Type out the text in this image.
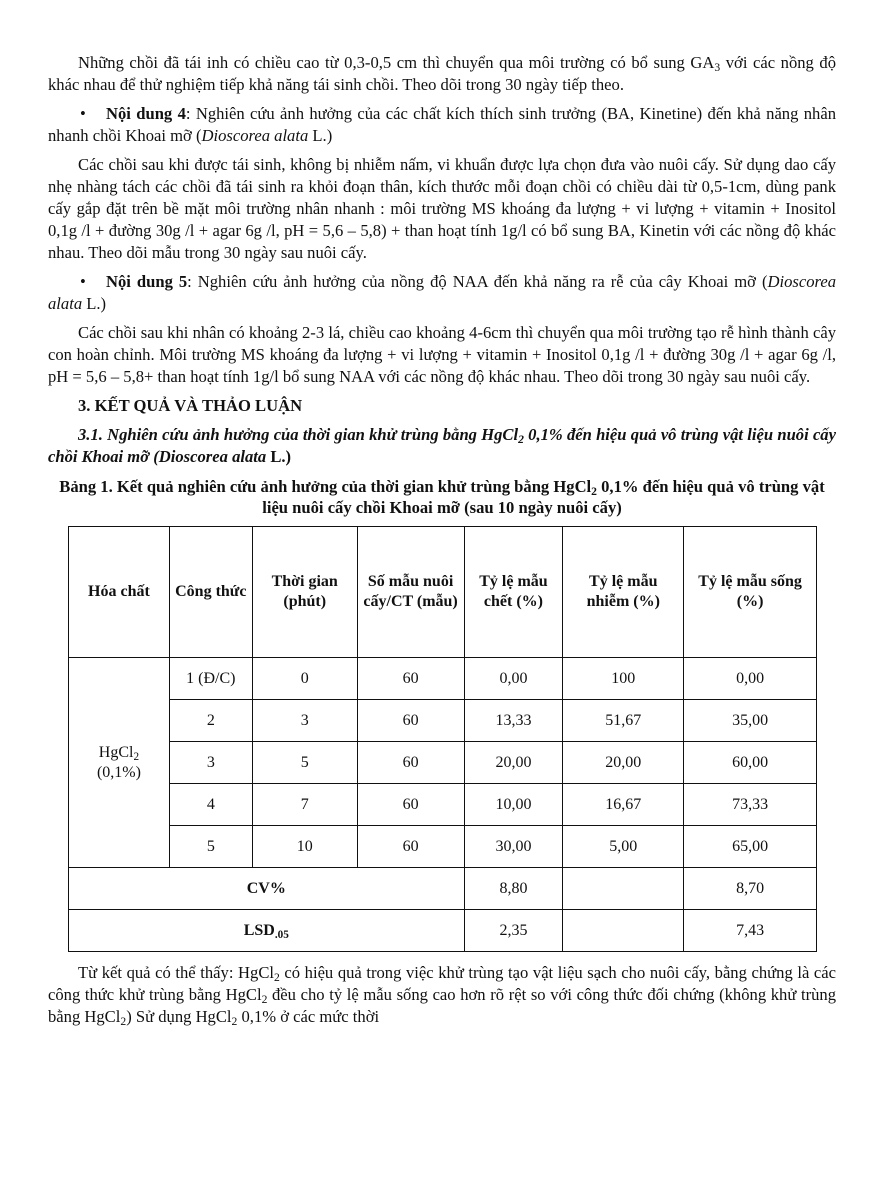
Những chồi đã tái inh có chiều cao từ 0,3-0,5 cm thì chuyển qua môi trường có bổ sung $GA_3$ với các nồng độ khác nhau để thử nghiệm tiếp khả năng tái sinh chồi. Theo dõi trong 30 ngày tiếp theo.

• Nội dung 4: Nghiên cứu ảnh hưởng của các chất kích thích sinh trưởng (BA, Kinetine) đến khả năng nhân nhanh chồi Khoai mỡ (Dioscorea alata L.)

Các chồi sau khi được tái sinh, không bị nhiễm nấm, vi khuẩn được lựa chọn đưa vào nuôi cấy. Sử dụng dao cấy nhẹ nhàng tách các chồi đã tái sinh ra khỏi đoạn thân, kích thước mỗi đoạn chồi có chiều dài từ 0,5-1cm, dùng pank cấy gắp đặt trên bề mặt môi trường nhân nhanh : môi trường MS khoáng đa lượng + vi lượng + vitamin + Inositol 0,1g /l + đường 30g /l + agar 6g /l, pH = 5,6 – 5,8) + than hoạt tính 1g/l có bổ sung BA, Kinetin với các nồng độ khác nhau. Theo dõi mẫu trong 30 ngày sau nuôi cấy.

• Nội dung 5: Nghiên cứu ảnh hưởng của nồng độ NAA đến khả năng ra rễ của cây Khoai mỡ (Dioscorea alata L.)

Các chồi sau khi nhân có khoảng 2-3 lá, chiều cao khoảng 4-6cm thì chuyển qua môi trường tạo rễ hình thành cây con hoàn chỉnh. Môi trường MS khoáng đa lượng + vi lượng + vitamin + Inositol 0,1g /l + đường 30g /l + agar 6g /l, pH = 5,6 – 5,8+ than hoạt tính 1g/l bổ sung NAA với các nồng độ khác nhau. Theo dõi trong 30 ngày sau nuôi cấy.

3. KẾT QUẢ VÀ THẢO LUẬN

3.1. Nghiên cứu ảnh hưởng của thời gian khử trùng bằng HgCl$_2$ 0,1% đến hiệu quả vô trùng vật liệu nuôi cấy chồi Khoai mỡ (Dioscorea alata L.)

Bảng 1. Kết quả nghiên cứu ảnh hưởng của thời gian khử trùng bằng HgCl$_2$ 0,1% đến hiệu quả vô trùng vật liệu nuôi cấy chồi Khoai mỡ (sau 10 ngày nuôi cấy)

Hóa chất	Công thức	Thời gian (phút)	Số mẫu nuôi cấy/CT (mẫu)	Tỷ lệ mẫu chết (%)	Tỷ lệ mẫu nhiễm (%)	Tỷ lệ mẫu sống (%)
HgCl$_2$
(0,1%)	1 (Đ/C)	0	60	0,00	100	0,00
	2	3	60	13,33	51,67	35,00
	3	5	60	20,00	20,00	60,00
	4	7	60	10,00	16,67	73,33
	5	10	60	30,00	5,00	65,00
CV%				8,80		8,70
$LSD_{.05}$				2,35		7,43

Từ kết quả có thể thấy: HgCl$_2$ có hiệu quả trong việc khử trùng tạo vật liệu sạch cho nuôi cấy, bằng chứng là các công thức khử trùng bằng HgCl$_2$ đều cho tỷ lệ mẫu sống cao hơn rõ rệt so với công thức đối chứng (không khử trùng bằng HgCl$_2$) Sử dụng HgCl$_2$ 0,1% ở các mức thời
